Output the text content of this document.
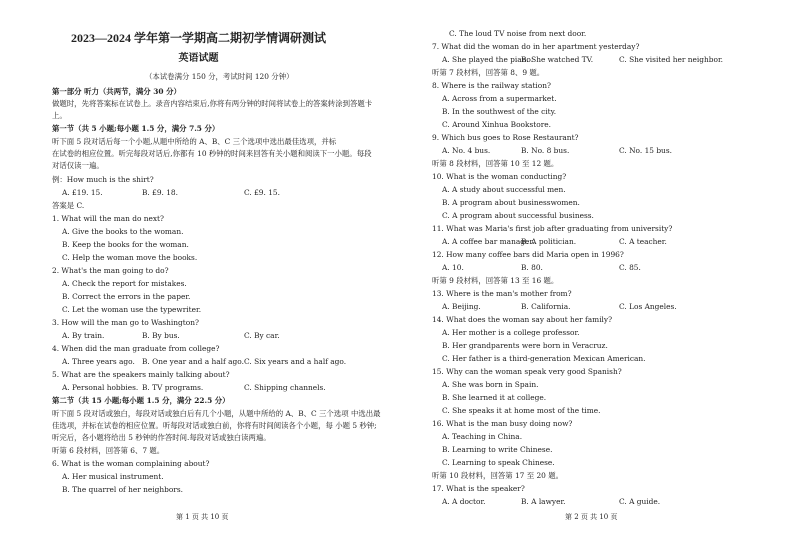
2023—2024 学年第一学期高二期初学情调研测试
英语试题
（本试卷满分 150 分，考试时间 120 分钟）
第一部分 听力（共两节，满分 30 分）
做题时，先将答案标在试卷上。录音内容结束后,你将有两分钟的时间将试卷上的答案转涂到答题卡
上。
第一节（共 5 小题;每小题 1.5 分，满分 7.5 分）
听下面 5 段对话后每一个小题,从题中所给的 A、B、C 三个选项中选出最佳选项，并标
在试卷的相应位置。听完每段对话后,你都有 10 秒钟的时间来回答有关小题和阅读下一小题。每段
对话仅读一遍。
例：How much is the shirt?
A. £19. 15.	B. £9. 18.	C. £9. 15.
答案是 C.
1. What will the man do next?
A. Give the books to the woman.
B. Keep the books for the woman.
C. Help the woman move the books.
2. What's the man going to do?
A. Check the report for mistakes.
B. Correct the errors in the paper.
C. Let the woman use the typewriter.
3. How will the man go to Washington?
A. By train.	B. By bus.	C. By car.
4. When did the man graduate from college?
A. Three years ago. B. One year and a half ago. C. Six years and a half ago.
5. What are the speakers mainly talking about?
A. Personal hobbies. B. TV programs.	C. Shipping channels.
第二节（共 15 小题;每小题 1.5 分，满分 22.5 分）
听下面 5 段对话或独白，每段对话或独白后有几个小题，从题中所给的 A、B、C 三个选项 中选出最
佳选项，并标在试卷的相应位置。听每段对话或独白前，你将有时间阅读各个小题，每 小题 5 秒钟;
听完后，各小题将给出 5 秒钟的作答时间.每段对话或独白读两遍。
听第 6 段材料，回答第 6、7 题。
6. What is the woman complaining about?
A. Her musical instrument.
B. The quarrel of her neighbors.
第 1 页 共 10 页
C. The loud TV noise from next door.
7. What did the woman do in her apartment yesterday?
A. She played the piano.
B. She watched TV.	C. She visited her neighbor.
听第 7 段材料，回答第 8、9 题。
8. Where is the railway station?
A. Across from a supermarket.
B. In the southwest of the city.
C. Around Xinhua Bookstore.
9. Which bus goes to Rose Restaurant?
A. No. 4 bus.	B. No. 8 bus.	C. No. 15 bus.
听第 8 段材料，回答第 10 至 12 题。
10. What is the woman conducting?
A. A study about successful men.
B. A program about businesswomen.
C. A program about successful business.
11. What was Maria's first job after graduating from university?
A. A coffee bar manager.
B. A politician.	C. A teacher.
12. How many coffee bars did Maria open in 1996?
A. 10.	B. 80.	C. 85.
听第 9 段材料，回答第 13 至 16 题。
13. Where is the man's mother from?
A. Beijing.	B. California.	C. Los Angeles.
14. What does the woman say about her family?
A. Her mother is a college professor.
B. Her grandparents were born in Veracruz.
C. Her father is a third-generation Mexican American.
15. Why can the woman speak very good Spanish?
A. She was born in Spain.
B. She learned it at college.
C. She speaks it at home most of the time.
16. What is the man busy doing now?
A. Teaching in China.
B. Learning to write Chinese.
C. Learning to speak Chinese.
听第 10 段材料，回答第 17 至 20 题。
17. What is the speaker?
A. A doctor.	B. A lawyer.	C. A guide.
第 2 页 共 10 页
